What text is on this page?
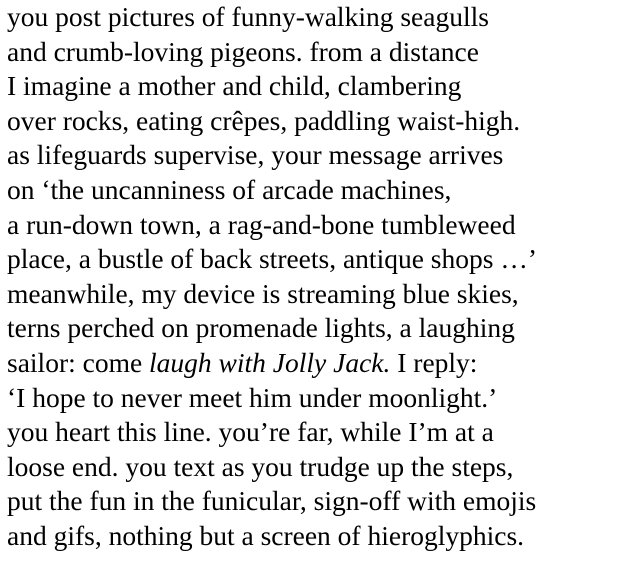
you post pictures of funny-walking seagulls
and crumb-loving pigeons. from a distance
I imagine a mother and child, clambering
over rocks, eating crêpes, paddling waist-high.
as lifeguards supervise, your message arrives
on ‘the uncanniness of arcade machines,
a run-down town, a rag-and-bone tumbleweed
place, a bustle of back streets, antique shops …’
meanwhile, my device is streaming blue skies,
terns perched on promenade lights, a laughing
sailor: come laugh with Jolly Jack. I reply:
‘I hope to never meet him under moonlight.’
you heart this line. you’re far, while I’m at a
loose end. you text as you trudge up the steps,
put the fun in the funicular, sign-off with emojis
and gifs, nothing but a screen of hieroglyphics.
